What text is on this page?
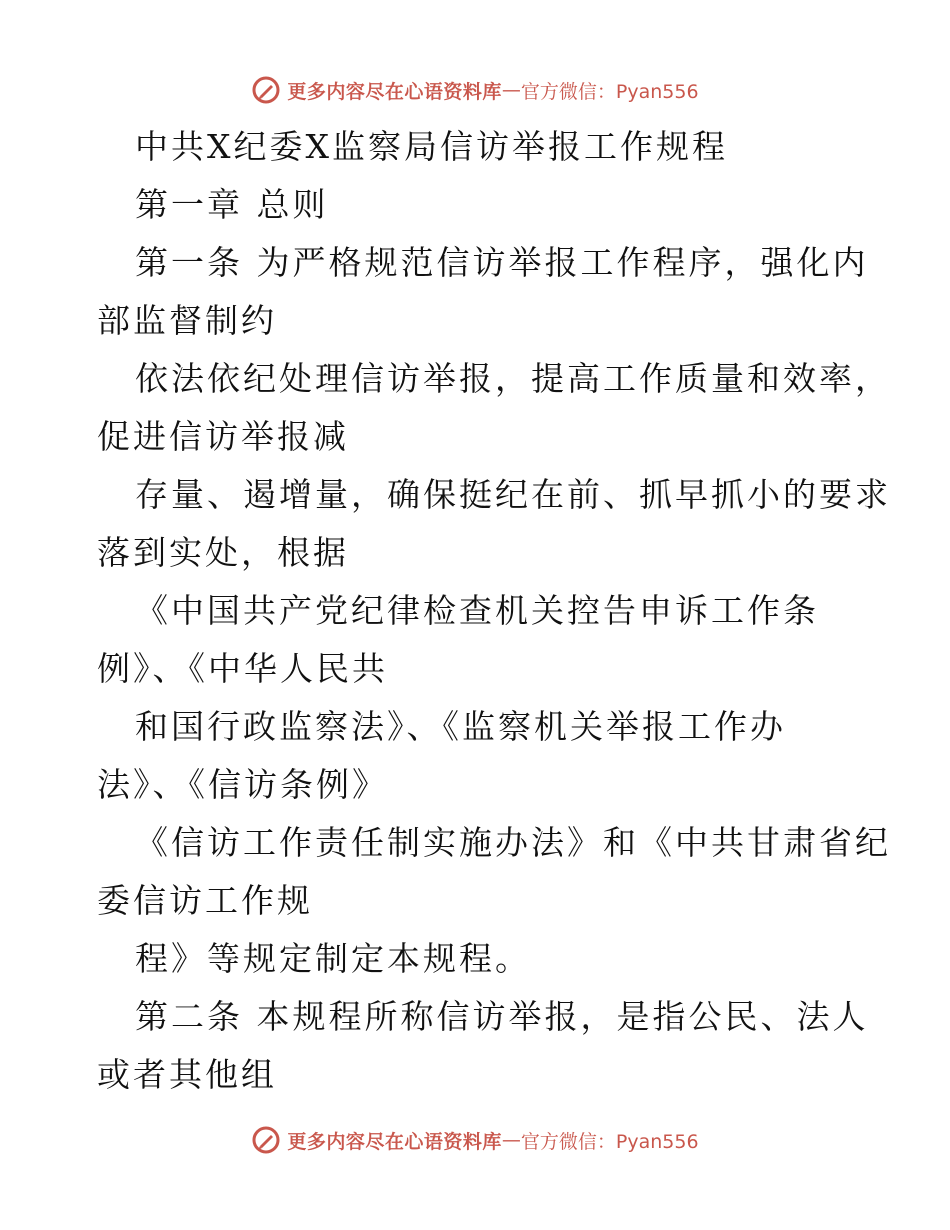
更多内容尽在心语资料库 — 官方微信：Pyan556
中共X纪委X监察局信访举报工作规程
第一章 总则
第一条 为严格规范信访举报工作程序，强化内
部监督制约
依法依纪处理信访举报，提高工作质量和效率，
促进信访举报减
存量、遏增量，确保挺纪在前、抓早抓小的要求
落到实处，根据
《中国共产党纪律检查机关控告申诉工作条
例》、《中华人民共
和国行政监察法》、《监察机关举报工作办
法》、《信访条例》
《信访工作责任制实施办法》和《中共甘肃省纪
委信访工作规
程》等规定制定本规程。
第二条 本规程所称信访举报，是指公民、法人
或者其他组
更多内容尽在心语资料库 — 官方微信：Pyan556
